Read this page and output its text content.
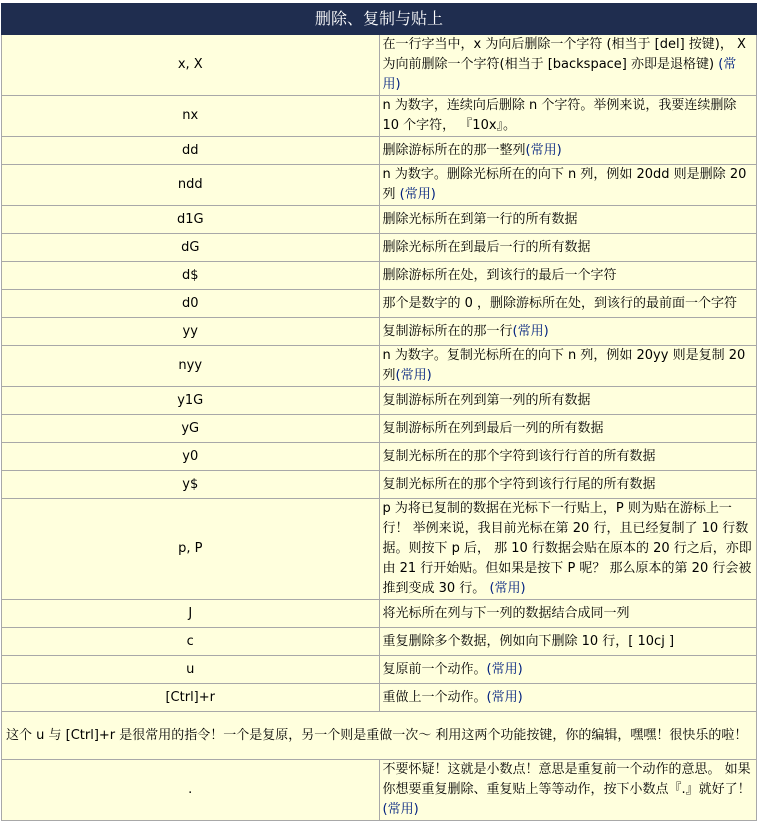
删除、复制与贴上	
x, X	在一行字当中，x 为向后删除一个字符 (相当于 [del] 按键)， X 为向前删除一个字符(相当于 [backspace] 亦即是退格键) (常用)
nx	n 为数字，连续向后删除 n 个字符。举例来说，我要连续删除 10 个字符， 『10x』。
dd	删除游标所在的那一整列(常用)
ndd	n 为数字。删除光标所在的向下 n 列，例如 20dd 则是删除 20 列 (常用)
d1G	删除光标所在到第一行的所有数据
dG	删除光标所在到最后一行的所有数据
d$	删除游标所在处，到该行的最后一个字符
d0	那个是数字的 0 ，删除游标所在处，到该行的最前面一个字符
yy	复制游标所在的那一行(常用)
nyy	n 为数字。复制光标所在的向下 n 列，例如 20yy 则是复制 20 列(常用)
y1G	复制游标所在列到第一列的所有数据
yG	复制游标所在列到最后一列的所有数据
y0	复制光标所在的那个字符到该行行首的所有数据
y$	复制光标所在的那个字符到该行行尾的所有数据
p, P	p 为将已复制的数据在光标下一行贴上，P 则为贴在游标上一行！ 举例来说，我目前光标在第 20 行，且已经复制了 10 行数据。则按下 p 后， 那 10 行数据会贴在原本的 20 行之后，亦即由 21 行开始贴。但如果是按下 P 呢？ 那么原本的第 20 行会被推到变成 30 行。 (常用)
J	将光标所在列与下一列的数据结合成同一列
c	重复删除多个数据，例如向下删除 10 行，[ 10cj ]
u	复原前一个动作。(常用)
[Ctrl]+r	重做上一个动作。(常用)
这个 u 与 [Ctrl]+r 是很常用的指令！一个是复原，另一个则是重做一次～ 利用这两个功能按键，你的编辑，嘿嘿！很快乐的啦！	
.	不要怀疑！这就是小数点！意思是重复前一个动作的意思。 如果你想要重复删除、重复贴上等等动作，按下小数点『.』就好了！ (常用)
